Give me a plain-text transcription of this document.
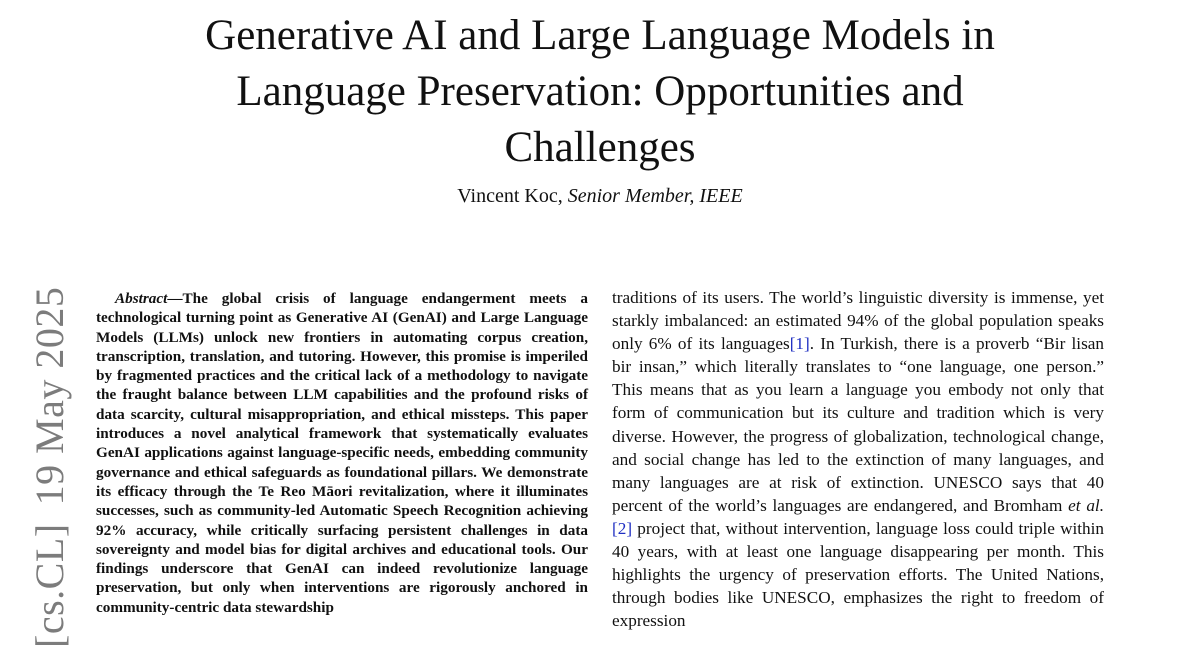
Generative AI and Large Language Models in
Language Preservation: Opportunities and
Challenges
Vincent Koc, Senior Member, IEEE
[cs.CL]19 May 2025	Abstract—The global crisis of language endangerment meets a technological turning point as Generative AI (GenAI) and Large Language Models (LLMs) unlock new frontiers in automating corpus creation, transcription, translation, and tutoring. However, this promise is imperiled by fragmented practices and the critical lack of a methodology to navigate the fraught balance between LLM capabilities and the profound risks of data scarcity, cultural misappropriation, and ethical missteps. This paper introduces a novel analytical framework that systematically evaluates GenAI applications against language-specific needs, embedding community governance and ethical safeguards as foundational pillars. We demonstrate its efficacy through the Te Reo Māori revitalization, where it illuminates successes, such as community-led Automatic Speech Recognition achieving 92% accuracy, while critically surfacing persistent challenges in data sovereignty and model bias for digital archives and educational tools. Our findings underscore that GenAI can indeed revolutionize language preservation, but only when interventions are rigorously anchored in community-centric data stewardship

traditions of its users. The world’s linguistic diversity is immense, yet starkly imbalanced: an estimated 94% of the global population speaks only 6% of its languages[1]. In Turkish, there is a proverb “Bir lisan bir insan,” which literally translates to “one language, one person.” This means that as you learn a language you embody not only that form of communication but its culture and tradition which is very diverse. However, the progress of globalization, technological change, and social change has led to the extinction of many languages, and many languages are at risk of extinction. UNESCO says that 40 percent of the world’s languages are endangered, and Bromham et al. [2] project that, without intervention, language loss could triple within 40 years, with at least one language disappearing per month. This highlights the urgency of preservation efforts. The United Nations, through bodies like UNESCO, emphasizes the right to freedom of expression
